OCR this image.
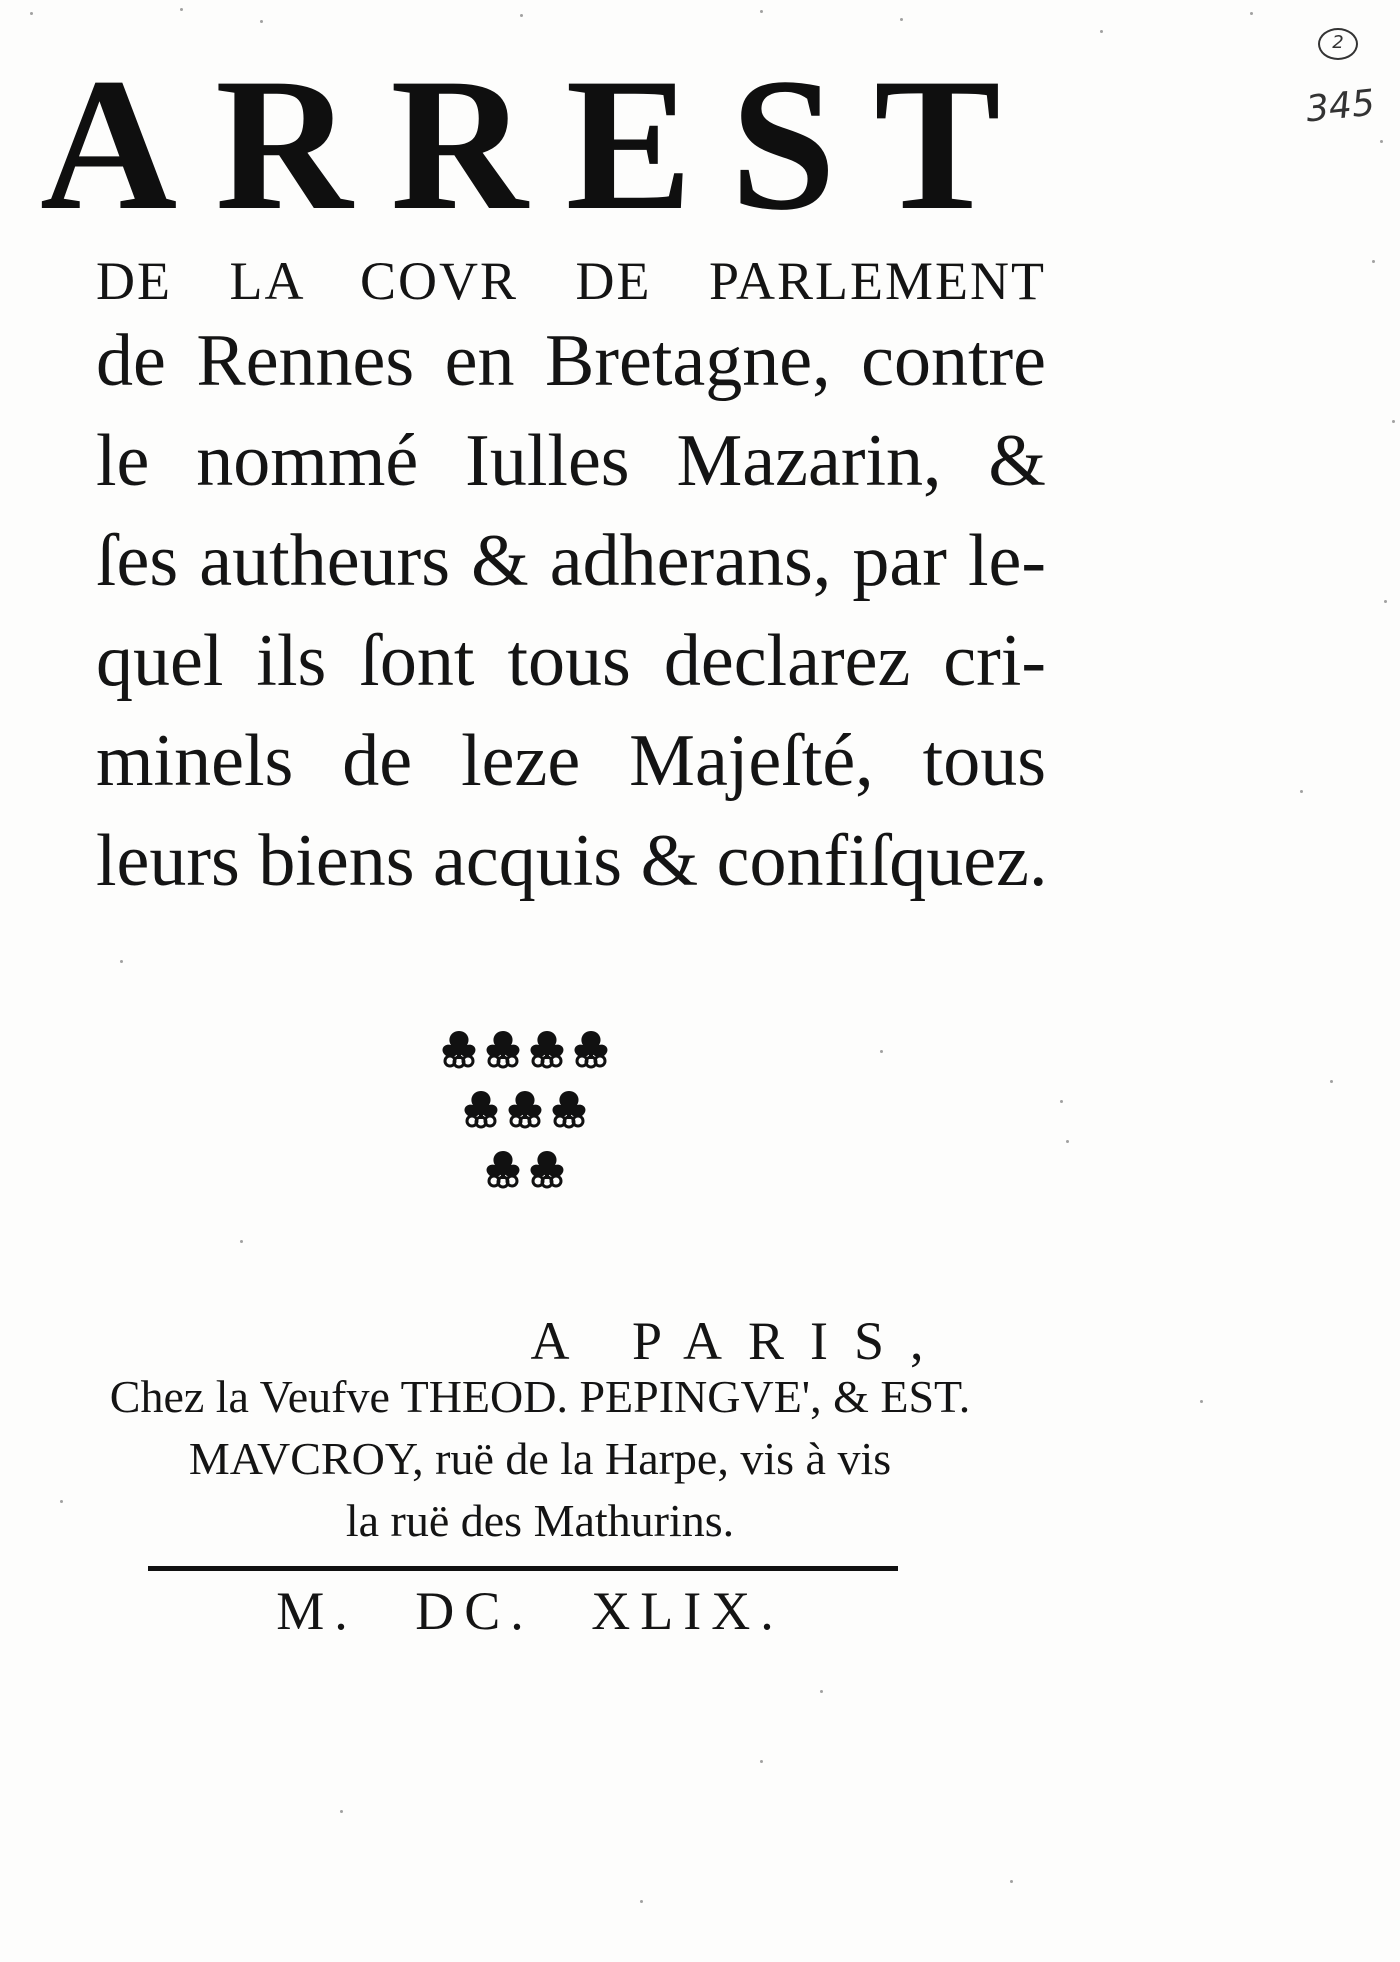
2
345
ARREST
DE LA COVR DE PARLEMENT
de Rennes en Bretagne, contre
le nommé Iulles Mazarin, &
ſes autheurs & adherans, par le-
quel ils ſont tous declarez cri-
minels de leze Majeſté, tous
leurs biens acquis & confiſquez.
A PARIS,
Chez la Veufve THEOD. PEPINGVE', & EST.
MAVCROY, ruë de la Harpe, vis à vis
la ruë des Mathurins.
M. DC. XLIX.
